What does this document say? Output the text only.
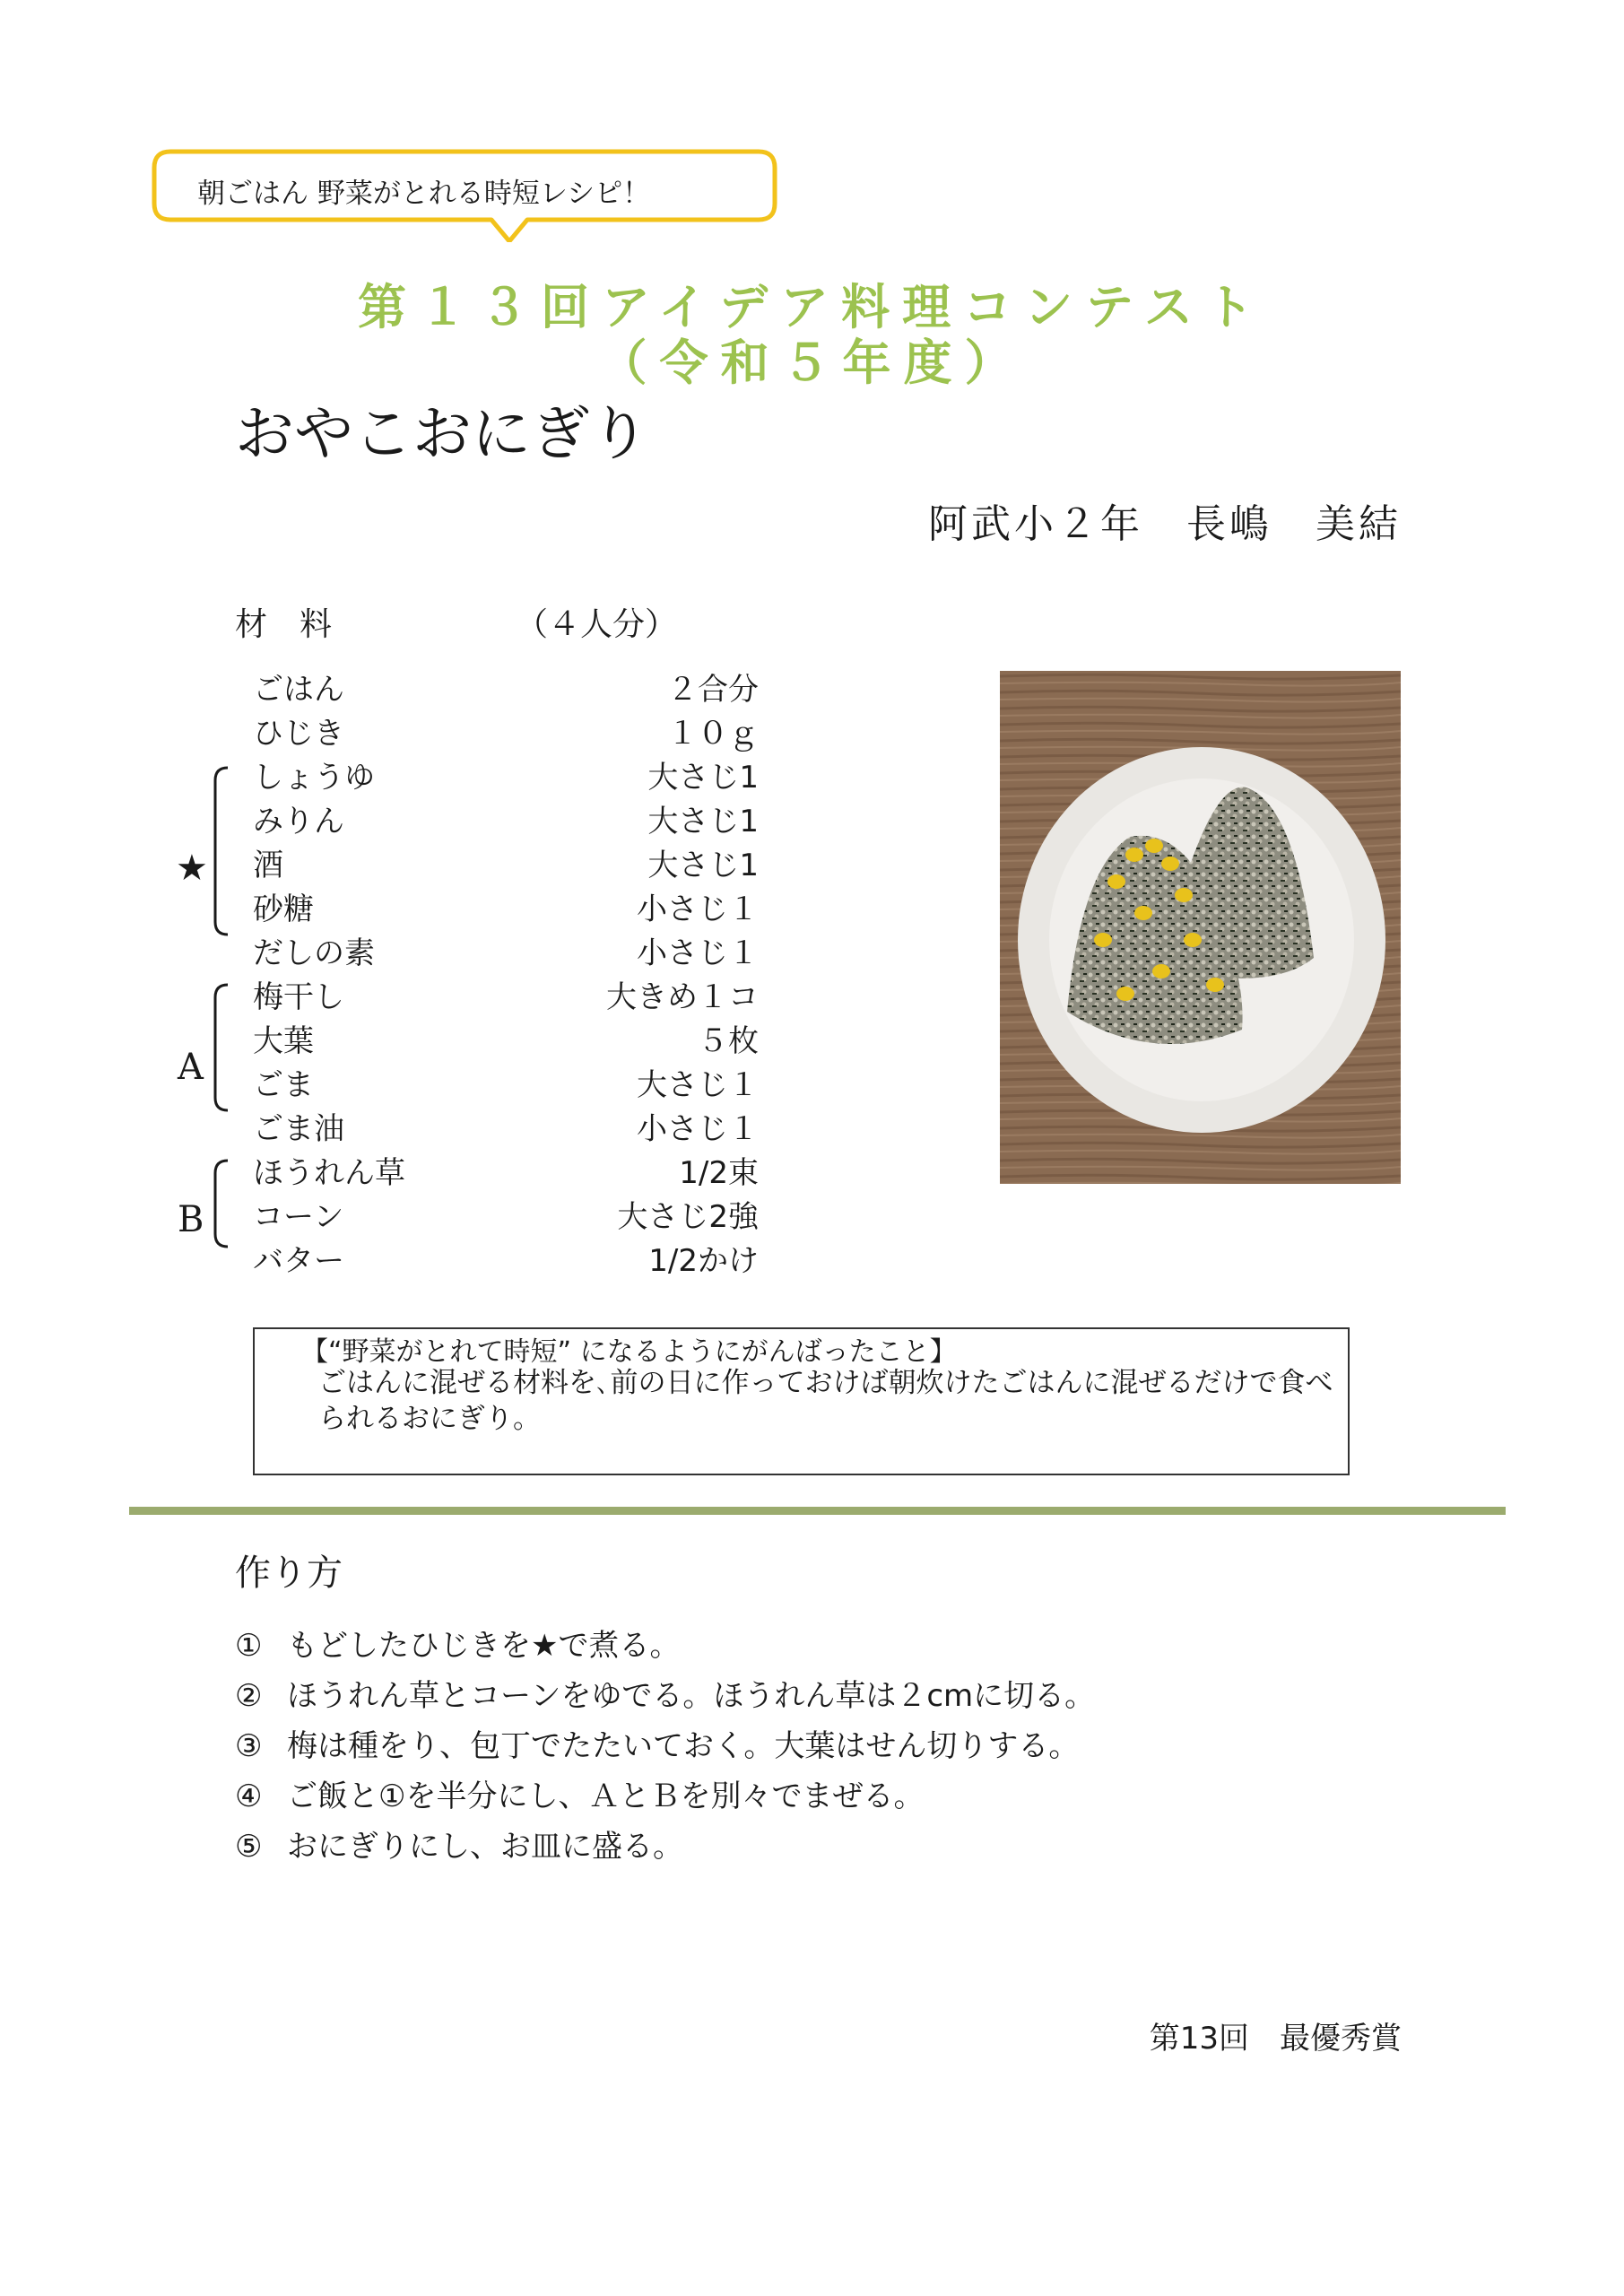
朝ごはん 野菜がとれる時短レシピ！
第１３回アイデア料理コンテスト
（令和５年度）
おやこおにぎり
阿武小２年　長嶋　美結
材　料	（４人分）
ごはん	２合分
ひじき	１０ｇ
しょうゆ	大さじ1
みりん	大さじ1
酒	大さじ1
砂糖	小さじ１
だしの素	小さじ１
梅干し	大きめ１コ
大葉	５枚
ごま	大さじ１
ごま油	小さじ１
ほうれん草	1/2束
コーン	大さじ2強
バター	1/2かけ
★
A
B
【“野菜がとれて時短” になるようにがんばったこと】
ごはんに混ぜる材料を､前の日に作っておけば朝炊けたごはんに混ぜるだけで食べられるおにぎり。
作り方
① もどしたひじきを★で煮る。
② ほうれん草とコーンをゆでる。ほうれん草は２cmに切る。
③ 梅は種をり、包丁でたたいておく。大葉はせん切りする。
④ ご飯と①を半分にし、ＡとＢを別々でまぜる。
⑤ おにぎりにし、お皿に盛る。
第13回　最優秀賞
